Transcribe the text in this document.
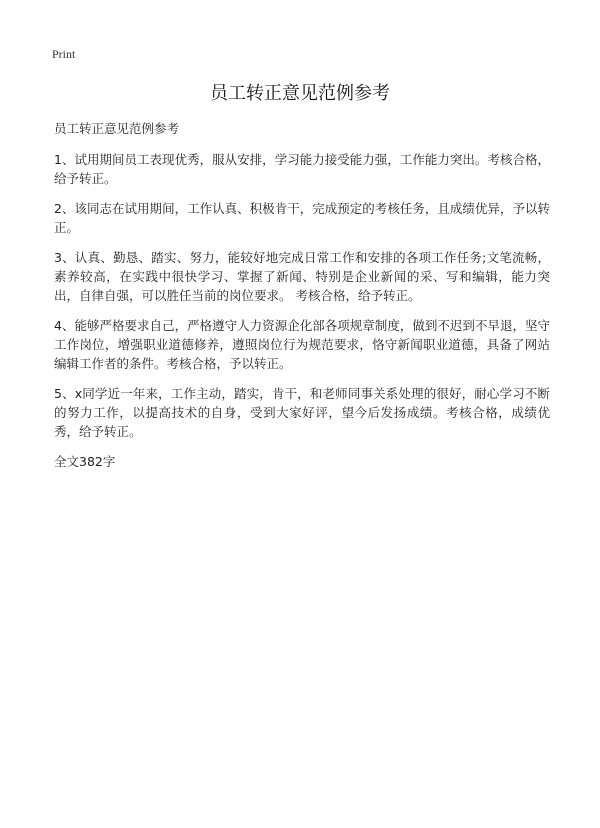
Print
员工转正意见范例参考
员工转正意见范例参考

1、试用期间员工表现优秀，服从安排，学习能力接受能力强，工作能力突出。考核合格，给予转正。

2、该同志在试用期间，工作认真、积极肯干，完成预定的考核任务，且成绩优异，予以转正。

3、认真、勤恳、踏实、努力，能较好地完成日常工作和安排的各项工作任务;文笔流畅，素养较高，在实践中很快学习、掌握了新闻、特别是企业新闻的采、写和编辑，能力突出，自律自强，可以胜任当前的岗位要求。 考核合格，给予转正。

4、能够严格要求自己，严格遵守人力资源企化部各项规章制度，做到不迟到不早退，坚守工作岗位，增强职业道德修养，遵照岗位行为规范要求，恪守新闻职业道德，具备了网站编辑工作者的条件。考核合格，予以转正。

5、x同学近一年来，工作主动，踏实，肯干，和老师同事关系处理的很好，耐心学习不断的努力工作，以提高技术的自身，受到大家好评，望今后发扬成绩。考核合格，成绩优秀，给予转正。

全文382字
